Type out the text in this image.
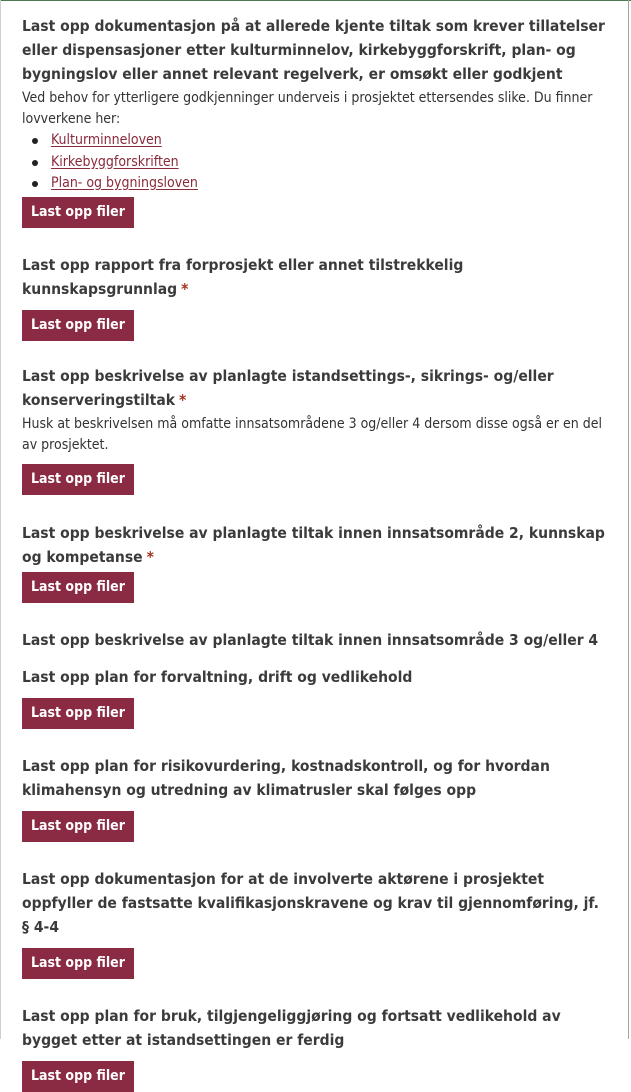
Last opp dokumentasjon på at allerede kjente tiltak som krever tillatelser eller dispensasjoner etter kulturminnelov, kirkebyggforskrift, plan- og bygningslov eller annet relevant regelverk, er omsøkt eller godkjent

Ved behov for ytterligere godkjenninger underveis i prosjektet ettersendes slike. Du finner lovverkene her:

Kulturminneloven
Kirkebyggforskriften
Plan- og bygningsloven
Last opp filer
Last opp rapport fra forprosjekt eller annet tilstrekkelig kunnskapsgrunnlag *
Last opp filer
Last opp beskrivelse av planlagte istandsettings-, sikrings- og/eller konserveringstiltak *

Husk at beskrivelsen må omfatte innsatsområdene 3 og/eller 4 dersom disse også er en del av prosjektet.

Last opp filer
Last opp beskrivelse av planlagte tiltak innen innsatsområde 2, kunnskap og kompetanse *
Last opp filer
Last opp beskrivelse av planlagte tiltak innen innsatsområde 3 og/eller 4
Last opp plan for forvaltning, drift og vedlikehold
Last opp filer
Last opp plan for risikovurdering, kostnadskontroll, og for hvordan klimahensyn og utredning av klimatrusler skal følges opp
Last opp filer
Last opp dokumentasjon for at de involverte aktørene i prosjektet oppfyller de fastsatte kvalifikasjonskravene og krav til gjennomføring, jf. § 4-4
Last opp filer
Last opp plan for bruk, tilgjengeliggjøring og fortsatt vedlikehold av bygget etter at istandsettingen er ferdig
Last opp filer
